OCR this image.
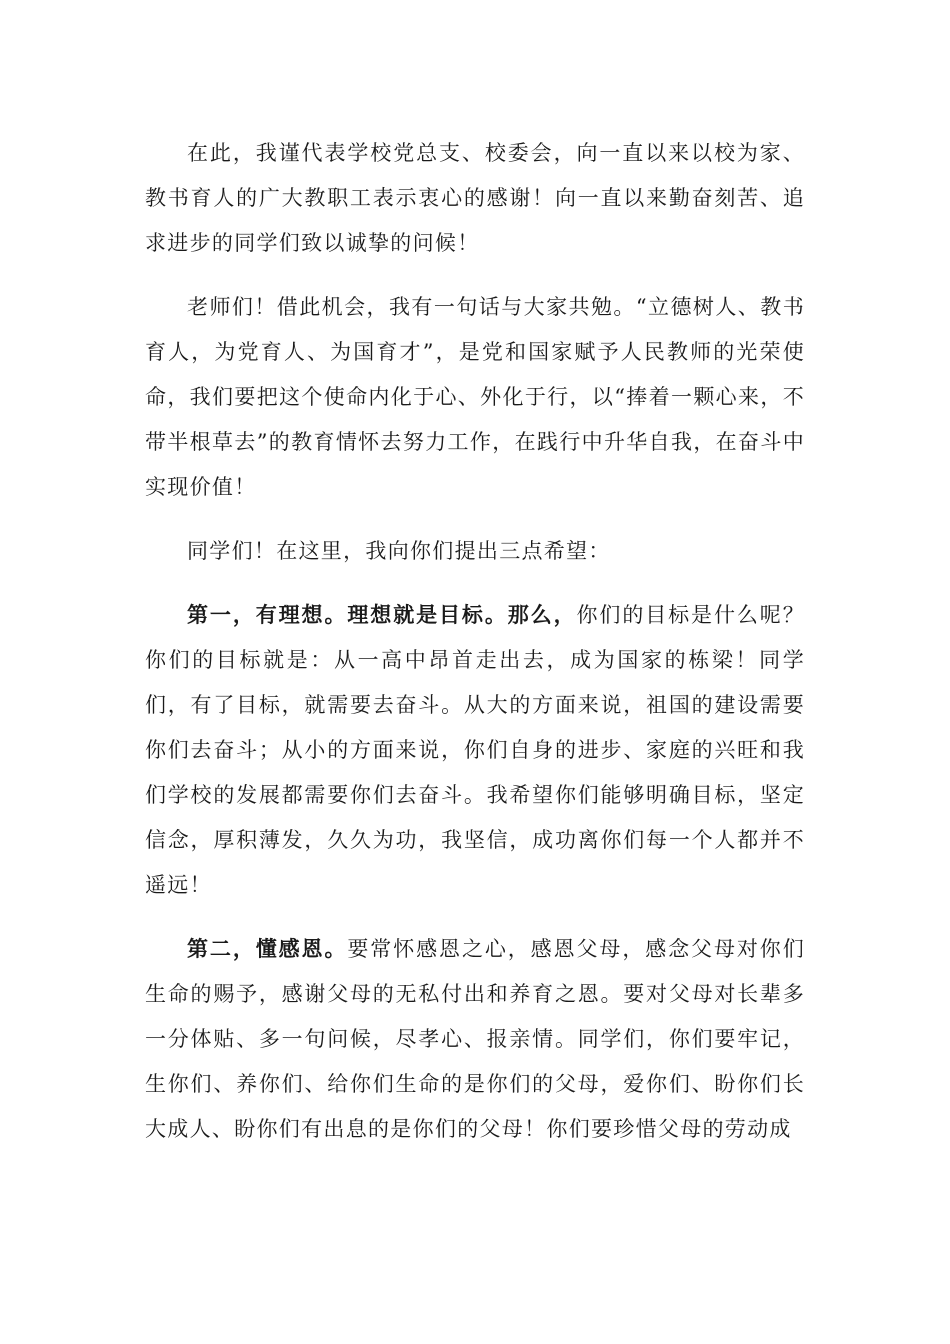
在此，我谨代表学校党总支、校委会，向一直以来以校为家、教书育人的广大教职工表示衷心的感谢！向一直以来勤奋刻苦、追求进步的同学们致以诚挚的问候！

老师们！借此机会，我有一句话与大家共勉。“立德树人、教书育人，为党育人、为国育才”，是党和国家赋予人民教师的光荣使命，我们要把这个使命内化于心、外化于行，以“捧着一颗心来，不带半根草去”的教育情怀去努力工作，在践行中升华自我，在奋斗中实现价值！

同学们！在这里，我向你们提出三点希望：

第一，有理想。理想就是目标。那么，你们的目标是什么呢？你们的目标就是：从一高中昂首走出去，成为国家的栋梁！同学们，有了目标，就需要去奋斗。从大的方面来说，祖国的建设需要你们去奋斗；从小的方面来说，你们自身的进步、家庭的兴旺和我们学校的发展都需要你们去奋斗。我希望你们能够明确目标，坚定信念，厚积薄发，久久为功，我坚信，成功离你们每一个人都并不遥远！

第二，懂感恩。要常怀感恩之心，感恩父母，感念父母对你们生命的赐予，感谢父母的无私付出和养育之恩。要对父母对长辈多一分体贴、多一句问候，尽孝心、报亲情。同学们，你们要牢记，生你们、养你们、给你们生命的是你们的父母，爱你们、盼你们长大成人、盼你们有出息的是你们的父母！你们要珍惜父母的劳动成
